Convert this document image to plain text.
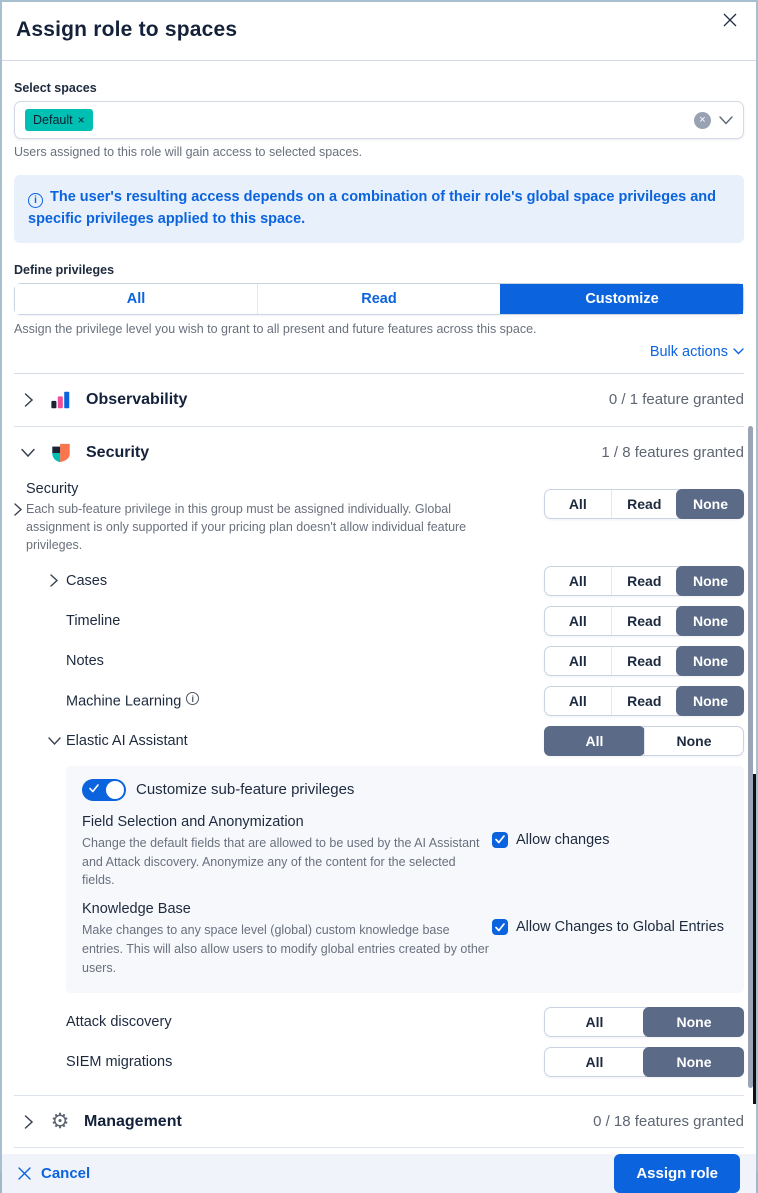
Assign role to spaces
Select spaces
Default ×	×
Users assigned to this role will gain access to selected spaces.
i The user's resulting access depends on a combination of their role's global space privileges and specific privileges applied to this space.
Define privileges
All	Read	Customize
Assign the privilege level you wish to grant to all present and future features across this space.
Bulk actions
Observability	0 / 1 feature granted
Security	1 / 8 features granted
Security
Each sub-feature privilege in this group must be assigned individually. Global assignment is only supported if your pricing plan doesn't allow individual feature privileges.
All	Read	None
Cases	All	Read	None
Timeline	All	Read	None
Notes	All	Read	None
Machine Learning i	All	Read	None
Elastic AI Assistant	All	None
Customize sub-feature privileges
Field Selection and Anonymization
Change the default fields that are allowed to be used by the AI Assistant and Attack discovery. Anonymize any of the content for the selected fields.
Allow changes
Knowledge Base
Make changes to any space level (global) custom knowledge base entries. This will also allow users to modify global entries created by other users.
Allow Changes to Global Entries
Attack discovery	All	None
SIEM migrations	All	None
⚙ Management	0 / 18 features granted
Cancel	Assign role
